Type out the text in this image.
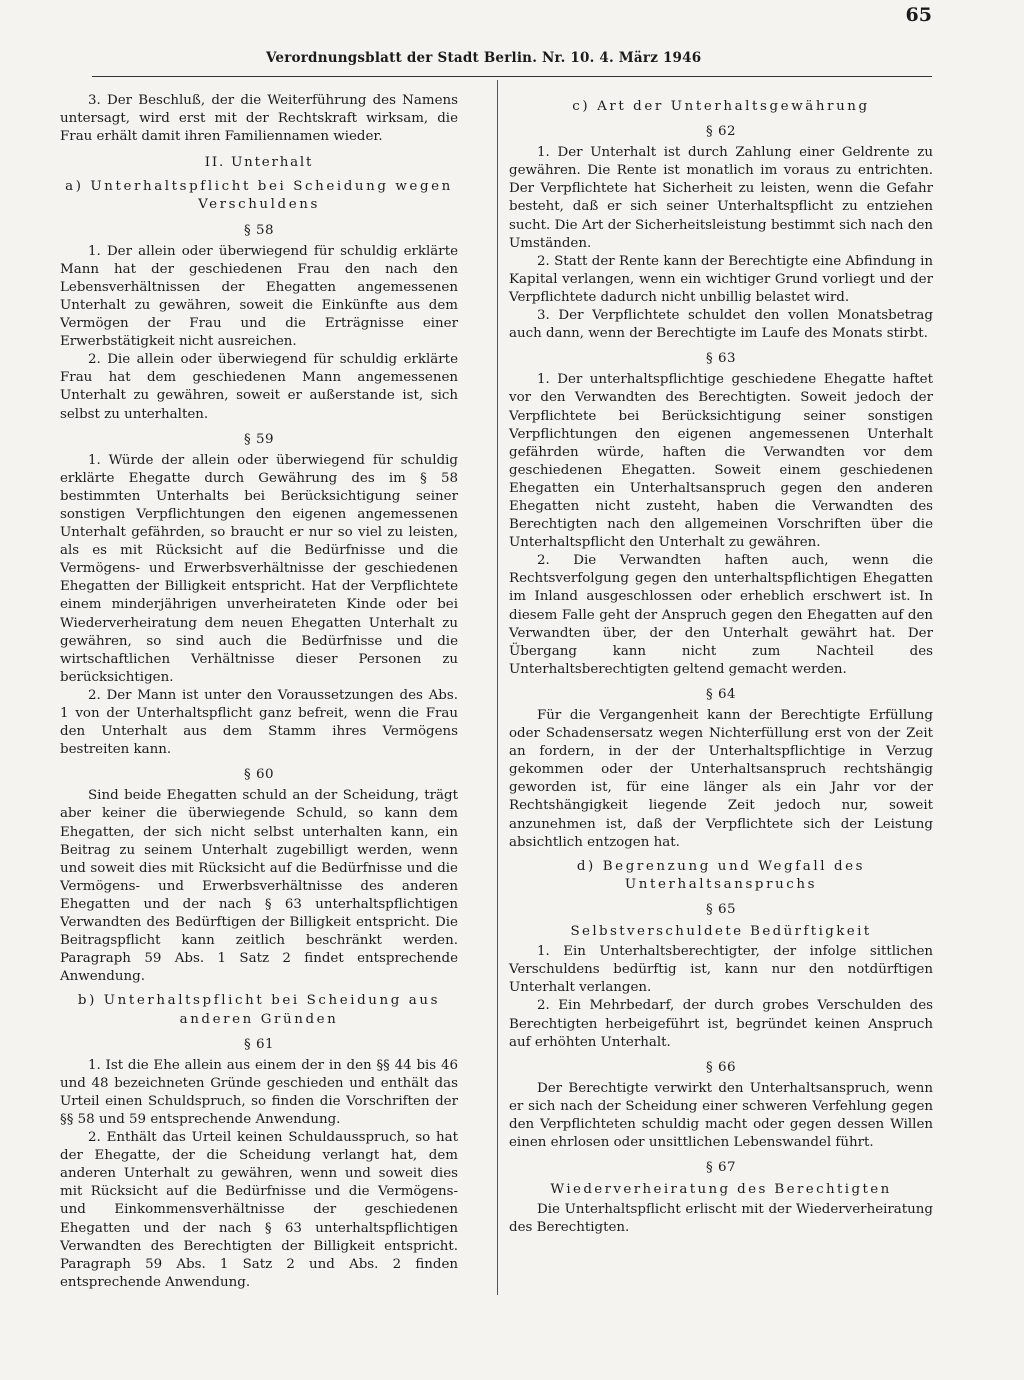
65
Verordnungsblatt der Stadt Berlin. Nr. 10. 4. März 1946

3. Der Beschluß, der die Weiterführung des Namens untersagt, wird erst mit der Rechtskraft wirksam, die Frau erhält damit ihren Familiennamen wieder.

II. Unterhalt
a) Unterhaltspflicht bei Scheidung wegen Verschuldens
§ 58

1. Der allein oder überwiegend für schuldig erklärte Mann hat der geschiedenen Frau den nach den Lebensverhältnissen der Ehegatten angemessenen Unterhalt zu gewähren, soweit die Einkünfte aus dem Vermögen der Frau und die Erträgnisse einer Erwerbstätigkeit nicht ausreichen.

2. Die allein oder überwiegend für schuldig erklärte Frau hat dem geschiedenen Mann angemessenen Unterhalt zu gewähren, soweit er außerstande ist, sich selbst zu unterhalten.

§ 59

1. Würde der allein oder überwiegend für schuldig erklärte Ehegatte durch Gewährung des im § 58 bestimmten Unterhalts bei Berücksichtigung seiner sonstigen Verpflichtungen den eigenen angemessenen Unterhalt gefährden, so braucht er nur so viel zu leisten, als es mit Rücksicht auf die Bedürfnisse und die Vermögens- und Erwerbsverhältnisse der geschiedenen Ehegatten der Billigkeit entspricht. Hat der Verpflichtete einem minderjährigen unverheirateten Kinde oder bei Wiederverheiratung dem neuen Ehegatten Unterhalt zu gewähren, so sind auch die Bedürfnisse und die wirtschaftlichen Verhältnisse dieser Personen zu berücksichtigen.

2. Der Mann ist unter den Voraussetzungen des Abs. 1 von der Unterhaltspflicht ganz befreit, wenn die Frau den Unterhalt aus dem Stamm ihres Vermögens bestreiten kann.

§ 60

Sind beide Ehegatten schuld an der Scheidung, trägt aber keiner die überwiegende Schuld, so kann dem Ehegatten, der sich nicht selbst unterhalten kann, ein Beitrag zu seinem Unterhalt zugebilligt werden, wenn und soweit dies mit Rücksicht auf die Bedürfnisse und die Vermögens- und Erwerbsverhältnisse des anderen Ehegatten und der nach § 63 unterhaltspflichtigen Verwandten des Bedürftigen der Billigkeit entspricht. Die Beitragspflicht kann zeitlich beschränkt werden. Paragraph 59 Abs. 1 Satz 2 findet entsprechende Anwendung.

b) Unterhaltspflicht bei Scheidung aus anderen Gründen
§ 61

1. Ist die Ehe allein aus einem der in den §§ 44 bis 46 und 48 bezeichneten Gründe geschieden und enthält das Urteil einen Schuldspruch, so finden die Vorschriften der §§ 58 und 59 entsprechende Anwendung.

2. Enthält das Urteil keinen Schuldausspruch, so hat der Ehegatte, der die Scheidung verlangt hat, dem anderen Unterhalt zu gewähren, wenn und soweit dies mit Rücksicht auf die Bedürfnisse und die Vermögens- und Einkommensverhältnisse der geschiedenen Ehegatten und der nach § 63 unterhaltspflichtigen Verwandten des Berechtigten der Billigkeit entspricht. Paragraph 59 Abs. 1 Satz 2 und Abs. 2 finden entsprechende Anwendung.

c) Art der Unterhaltsgewährung
§ 62

1. Der Unterhalt ist durch Zahlung einer Geldrente zu gewähren. Die Rente ist monatlich im voraus zu entrichten. Der Verpflichtete hat Sicherheit zu leisten, wenn die Gefahr besteht, daß er sich seiner Unterhaltspflicht zu entziehen sucht. Die Art der Sicherheitsleistung bestimmt sich nach den Umständen.

2. Statt der Rente kann der Berechtigte eine Abfindung in Kapital verlangen, wenn ein wichtiger Grund vorliegt und der Verpflichtete dadurch nicht unbillig belastet wird.

3. Der Verpflichtete schuldet den vollen Monatsbetrag auch dann, wenn der Berechtigte im Laufe des Monats stirbt.

§ 63

1. Der unterhaltspflichtige geschiedene Ehegatte haftet vor den Verwandten des Berechtigten. Soweit jedoch der Verpflichtete bei Berücksichtigung seiner sonstigen Verpflichtungen den eigenen angemessenen Unterhalt gefährden würde, haften die Verwandten vor dem geschiedenen Ehegatten. Soweit einem geschiedenen Ehegatten ein Unterhaltsanspruch gegen den anderen Ehegatten nicht zusteht, haben die Verwandten des Berechtigten nach den allgemeinen Vorschriften über die Unterhaltspflicht den Unterhalt zu gewähren.

2. Die Verwandten haften auch, wenn die Rechtsverfolgung gegen den unterhaltspflichtigen Ehegatten im Inland ausgeschlossen oder erheblich erschwert ist. In diesem Falle geht der Anspruch gegen den Ehegatten auf den Verwandten über, der den Unterhalt gewährt hat. Der Übergang kann nicht zum Nachteil des Unterhaltsberechtigten geltend gemacht werden.

§ 64

Für die Vergangenheit kann der Berechtigte Erfüllung oder Schadensersatz wegen Nichterfüllung erst von der Zeit an fordern, in der der Unterhaltspflichtige in Verzug gekommen oder der Unterhaltsanspruch rechtshängig geworden ist, für eine länger als ein Jahr vor der Rechtshängigkeit liegende Zeit jedoch nur, soweit anzunehmen ist, daß der Verpflichtete sich der Leistung absichtlich entzogen hat.

d) Begrenzung und Wegfall des Unterhaltsanspruchs
§ 65
Selbstverschuldete Bedürftigkeit

1. Ein Unterhaltsberechtigter, der infolge sittlichen Verschuldens bedürftig ist, kann nur den notdürftigen Unterhalt verlangen.

2. Ein Mehrbedarf, der durch grobes Verschulden des Berechtigten herbeigeführt ist, begründet keinen Anspruch auf erhöhten Unterhalt.

§ 66

Der Berechtigte verwirkt den Unterhaltsanspruch, wenn er sich nach der Scheidung einer schweren Verfehlung gegen den Verpflichteten schuldig macht oder gegen dessen Willen einen ehrlosen oder unsittlichen Lebenswandel führt.

§ 67
Wiederverheiratung des Berechtigten

Die Unterhaltspflicht erlischt mit der Wiederverheiratung des Berechtigten.
